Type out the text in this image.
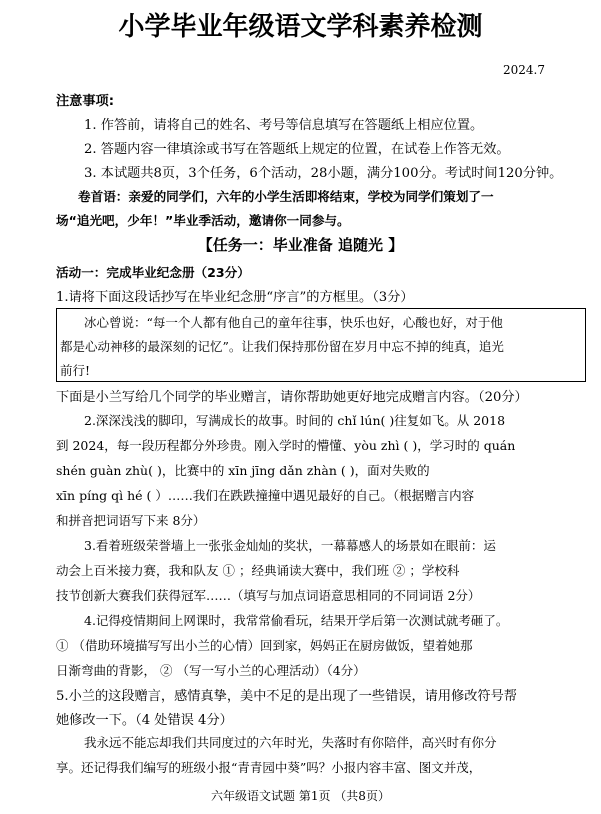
小学毕业年级语文学科素养检测
2024.7
注意事项:
1. 作答前，请将自己的姓名、考号等信息填写在答题纸上相应位置。
2. 答题内容一律填涂或书写在答题纸上规定的位置，在试卷上作答无效。
3. 本试题共8页，3个任务，6个活动，28小题，满分100分。考试时间120分钟。
卷首语：亲爱的同学们，六年的小学生活即将结束，学校为同学们策划了一
场“追光吧，少年！”毕业季活动，邀请你一同参与。
【任务一：毕业准备 追随光 】
活动一：完成毕业纪念册（23分）
1.请将下面这段话抄写在毕业纪念册“序言”的方框里。（3分）
冰心曾说：“每一个人都有他自己的童年往事，快乐也好，心酸也好，对于他
都是心动神移的最深刻的记忆”。让我们保持那份留在岁月中忘不掉的纯真，追光
前行!
下面是小兰写给几个同学的毕业赠言，请你帮助她更好地完成赠言内容。（20分）
2.深深浅浅的脚印，写满成长的故事。时间的 chǐ lún( )往复如飞。从 2018
到 2024，每一段历程都分外珍贵。刚入学时的懵懂、yòu zhì ( )，学习时的 quán
shén guàn zhù( )，比赛中的 xīn jīng dǎn zhàn ( )，面对失败的
xīn píng qì hé ( ）……我们在跌跌撞撞中遇见最好的自己。（根据赠言内容
和拼音把词语写下来 8分）
3.看着班级荣誉墙上一张张金灿灿的奖状，一幕幕感人的场景如在眼前：运
动会上百米接力赛，我和队友 ① ；经典诵读大赛中，我们班 ② ；学校科
技节创新大赛我们获得冠军……（填写与加点词语意思相同的不同词语 2分）
4.记得疫情期间上网课时，我常常偷看玩，结果开学后第一次测试就考砸了。
① （借助环境描写写出小兰的心情）回到家，妈妈正在厨房做饭，望着她那
日渐弯曲的背影， ② （写一写小兰的心理活动）（4分）
5.小兰的这段赠言，感情真挚，美中不足的是出现了一些错误，请用修改符号帮
她修改一下。（4 处错误 4分）
我永远不能忘却我们共同度过的六年时光，失落时有你陪伴，高兴时有你分
享。还记得我们编写的班级小报“青青园中葵”吗？小报内容丰富、图文并茂，
六年级语文试题 第1页 （共8页）
